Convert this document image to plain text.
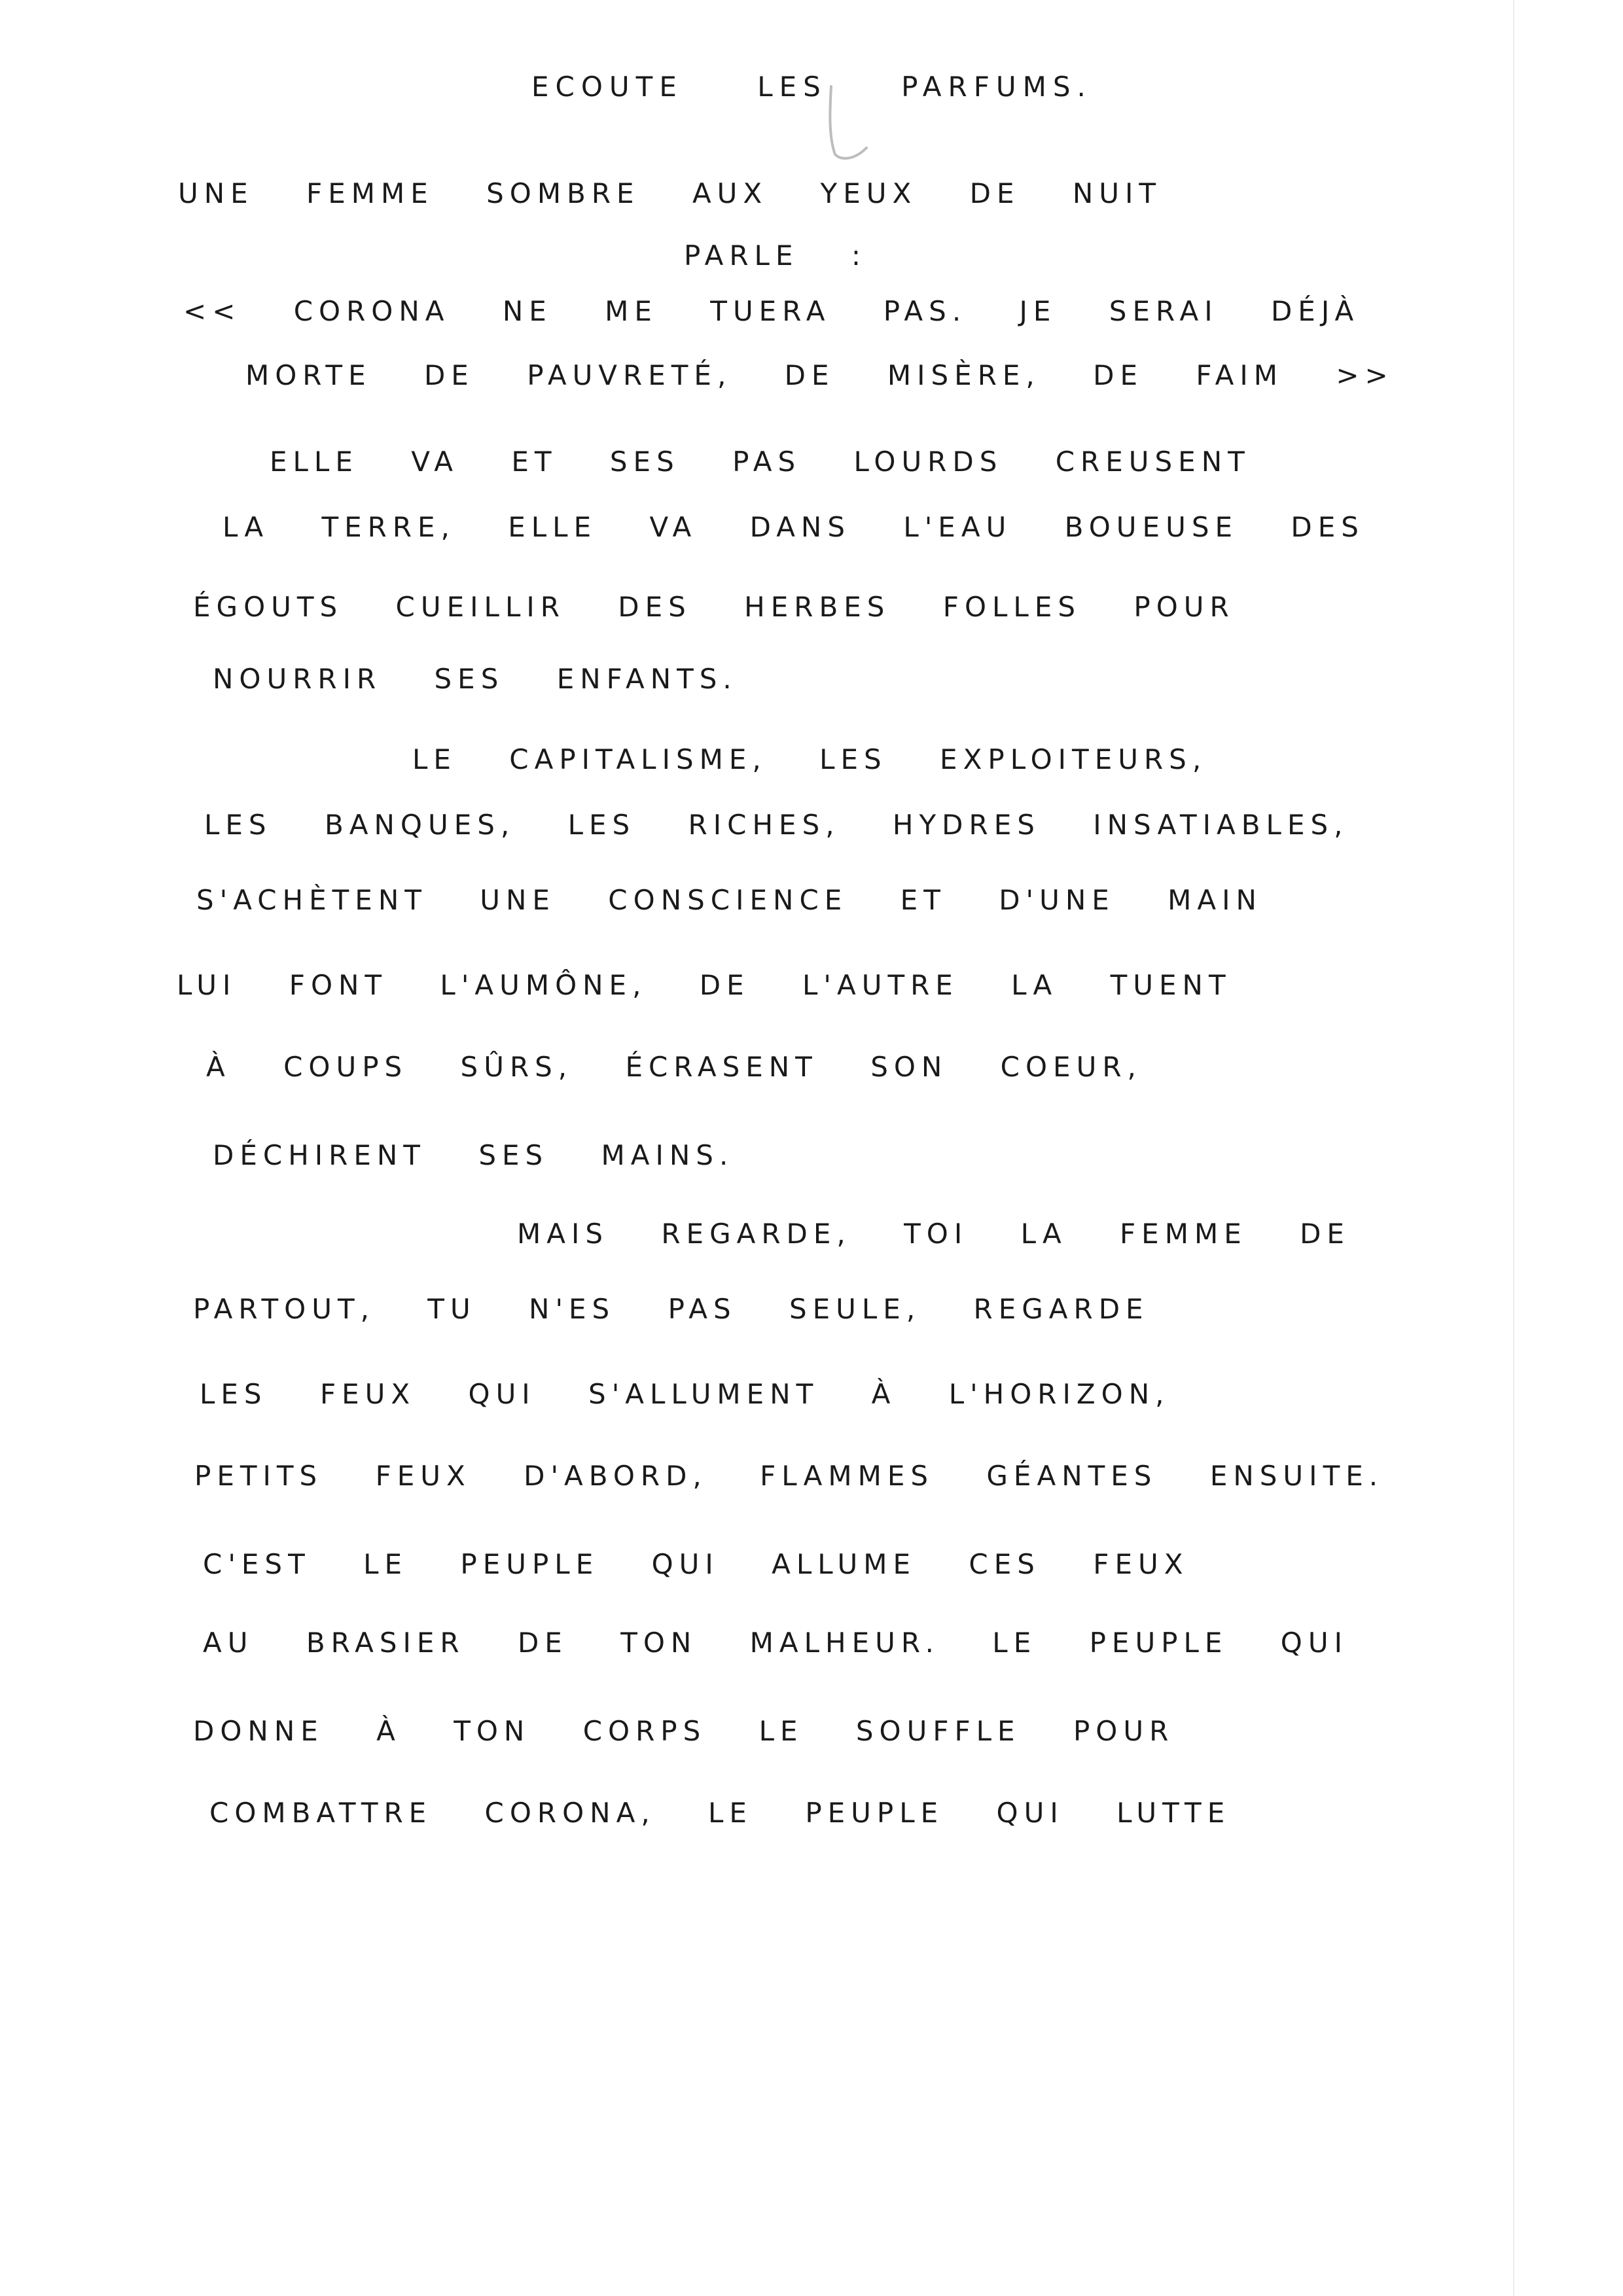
ECOUTE LES PARFUMS.
UNE FEMME SOMBRE AUX YEUX DE NUIT
PARLE :
<< CORONA NE ME TUERA PAS. JE SERAI DÉJÀ
MORTE DE PAUVRETÉ, DE MISÈRE, DE FAIM >>
ELLE VA ET SES PAS LOURDS CREUSENT
LA TERRE, ELLE VA DANS L'EAU BOUEUSE DES
ÉGOUTS CUEILLIR DES HERBES FOLLES POUR
NOURRIR SES ENFANTS.
LE CAPITALISME, LES EXPLOITEURS,
LES BANQUES, LES RICHES, HYDRES INSATIABLES,
S'ACHÈTENT UNE CONSCIENCE ET D'UNE MAIN
LUI FONT L'AUMÔNE, DE L'AUTRE LA TUENT
À COUPS SÛRS, ÉCRASENT SON COEUR,
DÉCHIRENT SES MAINS.
MAIS REGARDE, TOI LA FEMME DE
PARTOUT, TU N'ES PAS SEULE, REGARDE
LES FEUX QUI S'ALLUMENT À L'HORIZON,
PETITS FEUX D'ABORD, FLAMMES GÉANTES ENSUITE.
C'EST LE PEUPLE QUI ALLUME CES FEUX
AU BRASIER DE TON MALHEUR. LE PEUPLE QUI
DONNE À TON CORPS LE SOUFFLE POUR
COMBATTRE CORONA, LE PEUPLE QUI LUTTE
